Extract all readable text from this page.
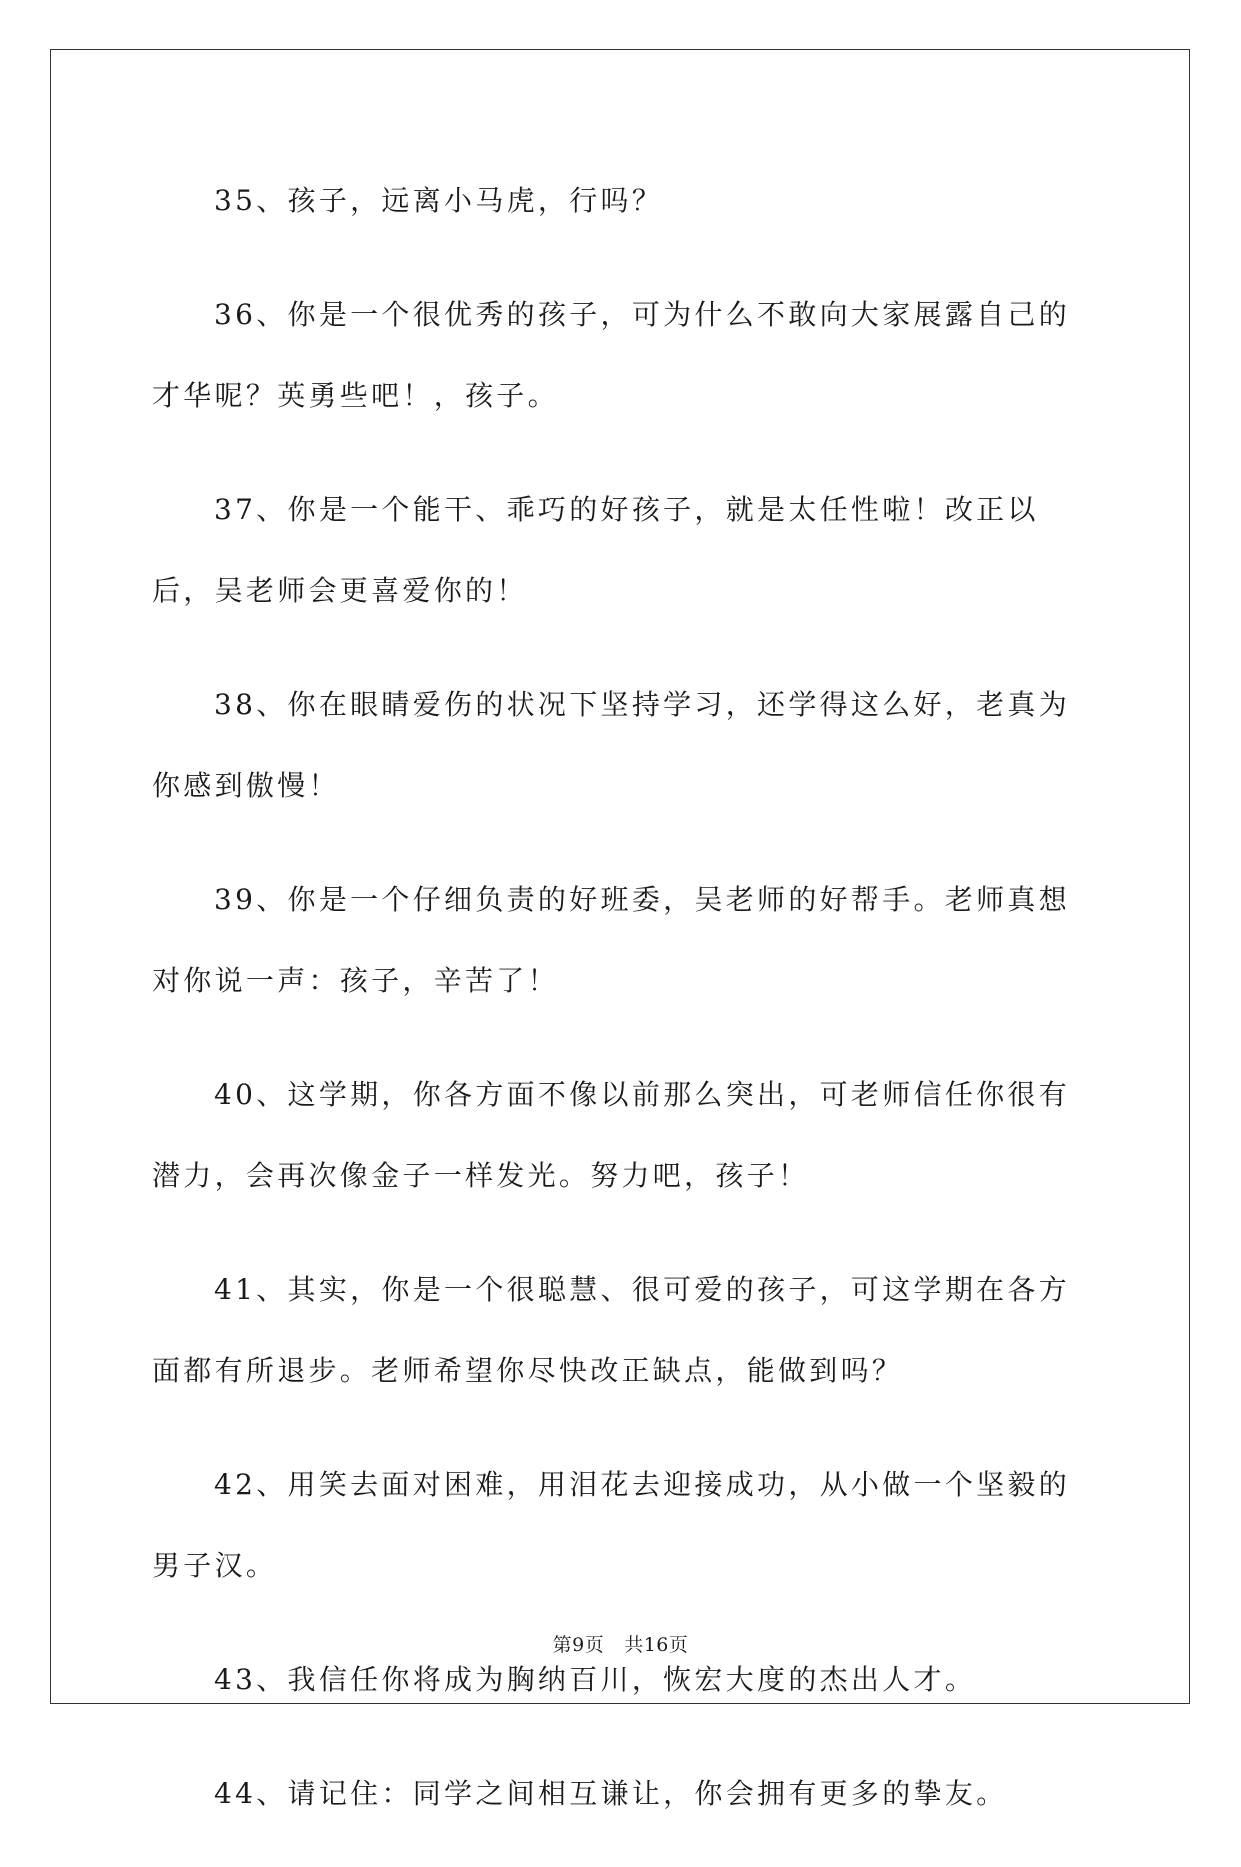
35、孩子，远离小马虎，行吗？
36、你是一个很优秀的孩子，可为什么不敢向大家展露自己的才华呢？英勇些吧！，孩子。
37、你是一个能干、乖巧的好孩子，就是太任性啦！改正以后，吴老师会更喜爱你的！
38、你在眼睛爱伤的状况下坚持学习，还学得这么好，老真为你感到傲慢！
39、你是一个仔细负责的好班委，吴老师的好帮手。老师真想对你说一声：孩子，辛苦了！
40、这学期，你各方面不像以前那么突出，可老师信任你很有潜力，会再次像金子一样发光。努力吧，孩子！
41、其实，你是一个很聪慧、很可爱的孩子，可这学期在各方面都有所退步。老师希望你尽快改正缺点，能做到吗？
42、用笑去面对困难，用泪花去迎接成功，从小做一个坚毅的男子汉。
43、我信任你将成为胸纳百川，恢宏大度的杰出人才。
44、请记住：同学之间相互谦让，你会拥有更多的挚友。
第9页 共16页
